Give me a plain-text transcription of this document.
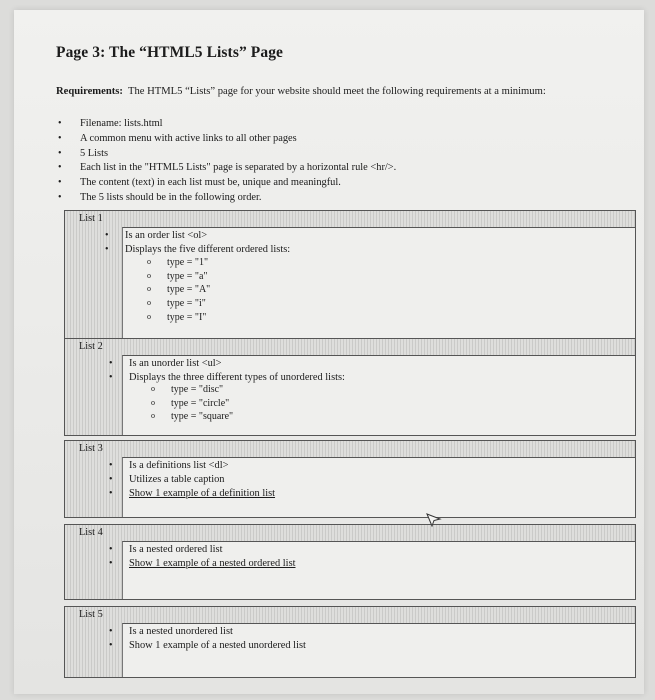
Page 3: The “HTML5 Lists” Page

Requirements: The HTML5 “Lists” page for your website should meet the following requirements at a minimum:

• Filename: lists.html
• A common menu with active links to all other pages
• 5 Lists
• Each list in the "HTML5 Lists" page is separated by a horizontal rule <hr/>.
• The content (text) in each list must be, unique and meaningful.
• The 5 lists should be in the following order.
List 1
• Is an order list <ol>
• Displays the five different ordered lists:
o type = "1"
o type = "a"
o type = "A"
o type = "i"
o type = "I"
List 2
• Is an unorder list <ul>
• Displays the three different types of unordered lists:
o type = "disc"
o type = "circle"
o type = "square"
List 3
• Is a definitions list <dl>
• Utilizes a table caption
• Show 1 example of a definition list
List 4
• Is a nested ordered list
• Show 1 example of a nested ordered list
List 5
• Is a nested unordered list
• Show 1 example of a nested unordered list
